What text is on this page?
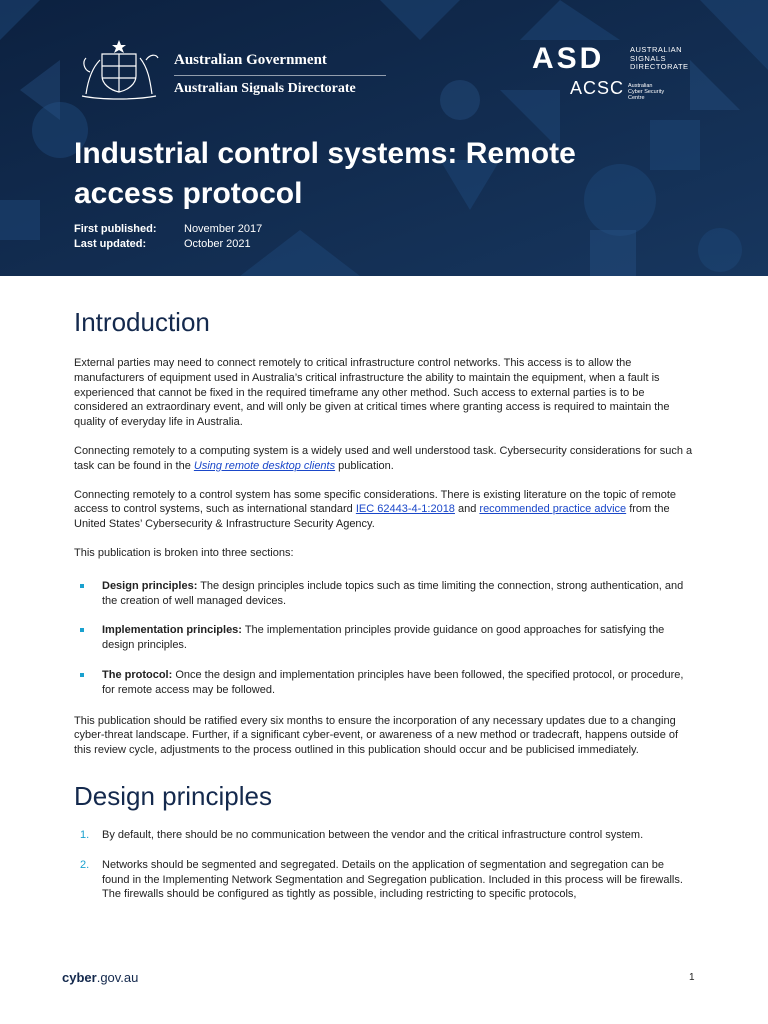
Australian Government
Australian Signals Directorate
ASD	AUSTRALIAN
SIGNALS
DIRECTORATE
ACSC Australian
Cyber Security
Centre
Industrial control systems: Remote access protocol
First published:	November 2017
Last updated:	October 2021
Introduction

External parties may need to connect remotely to critical infrastructure control networks. This access is to allow the manufacturers of equipment used in Australia’s critical infrastructure the ability to maintain the equipment, when a fault is experienced that cannot be fixed in the required timeframe any other method. Such access to external parties is to be considered an extraordinary event, and will only be given at critical times where granting access is required to maintain the quality of everyday life in Australia.

Connecting remotely to a computing system is a widely used and well understood task. Cybersecurity considerations for such a task can be found in the Using remote desktop clients publication.

Connecting remotely to a control system has some specific considerations. There is existing literature on the topic of remote access to control systems, such as international standard IEC 62443-4-1:2018 and recommended practice advice from the United States’ Cybersecurity & Infrastructure Security Agency.

This publication is broken into three sections:

Design principles: The design principles include topics such as time limiting the connection, strong authentication, and the creation of well managed devices.
Implementation principles: The implementation principles provide guidance on good approaches for satisfying the design principles.
The protocol: Once the design and implementation principles have been followed, the specified protocol, or procedure, for remote access may be followed.

This publication should be ratified every six months to ensure the incorporation of any necessary updates due to a changing cyber-threat landscape. Further, if a significant cyber-event, or awareness of a new method or tradecraft, happens outside of this review cycle, adjustments to the process outlined in this publication should occur and be publicised immediately.

Design principles
1. By default, there should be no communication between the vendor and the critical infrastructure control system.
2. Networks should be segmented and segregated. Details on the application of segmentation and segregation can be found in the Implementing Network Segmentation and Segregation publication. Included in this process will be firewalls. The firewalls should be configured as tightly as possible, including restricting to specific protocols,
cyber.gov.au	1
